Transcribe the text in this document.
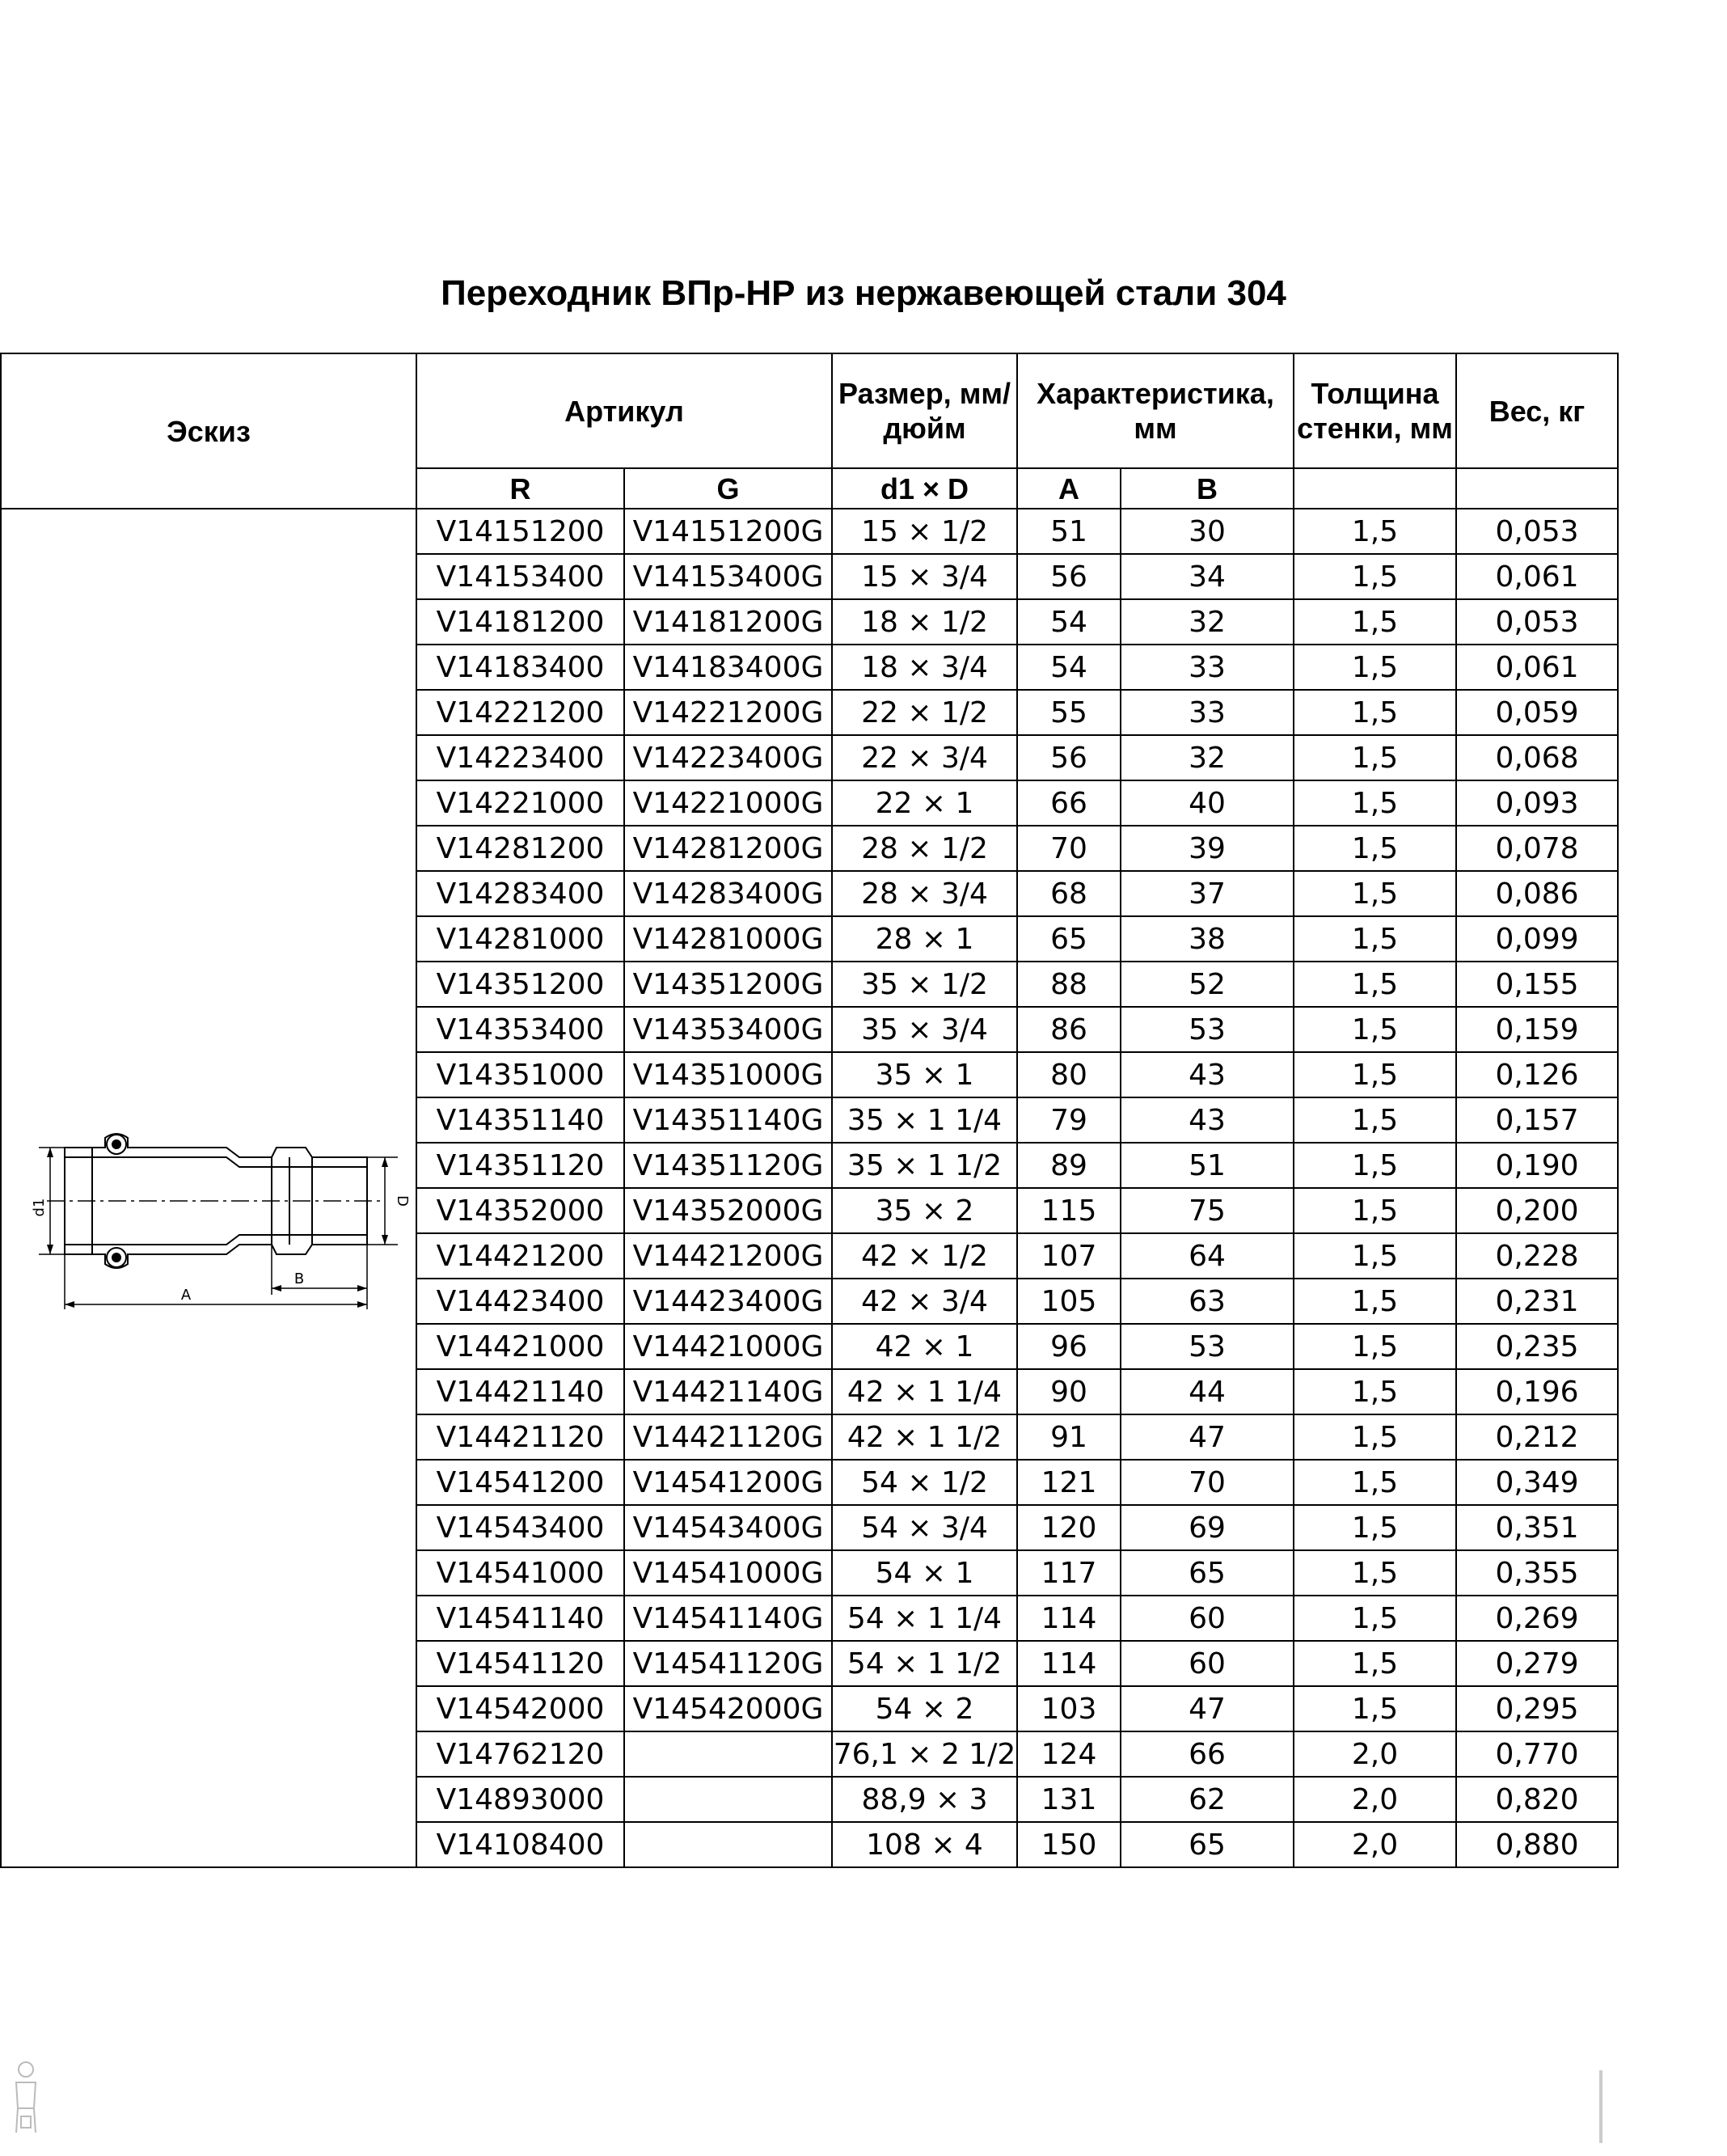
Переходник ВПр-НР из нержавеющей стали 304
Эскиз	Артикул		Размер, мм/дюйм	Характеристика, мм		Толщина стенки, мм	Вес, кг
	R	G	d1 × D	A	B		

d1 D
B
A	V14151200	V14151200G	15 × 1/2	51	30	1,5	0,053
	V14153400	V14153400G	15 × 3/4	56	34	1,5	0,061
	V14181200	V14181200G	18 × 1/2	54	32	1,5	0,053
	V14183400	V14183400G	18 × 3/4	54	33	1,5	0,061
	V14221200	V14221200G	22 × 1/2	55	33	1,5	0,059
	V14223400	V14223400G	22 × 3/4	56	32	1,5	0,068
	V14221000	V14221000G	22 × 1	66	40	1,5	0,093
	V14281200	V14281200G	28 × 1/2	70	39	1,5	0,078
	V14283400	V14283400G	28 × 3/4	68	37	1,5	0,086
	V14281000	V14281000G	28 × 1	65	38	1,5	0,099
	V14351200	V14351200G	35 × 1/2	88	52	1,5	0,155
	V14353400	V14353400G	35 × 3/4	86	53	1,5	0,159
	V14351000	V14351000G	35 × 1	80	43	1,5	0,126
	V14351140	V14351140G	35 × 1 1/4	79	43	1,5	0,157
	V14351120	V14351120G	35 × 1 1/2	89	51	1,5	0,190
	V14352000	V14352000G	35 × 2	115	75	1,5	0,200
	V14421200	V14421200G	42 × 1/2	107	64	1,5	0,228
	V14423400	V14423400G	42 × 3/4	105	63	1,5	0,231
	V14421000	V14421000G	42 × 1	96	53	1,5	0,235
	V14421140	V14421140G	42 × 1 1/4	90	44	1,5	0,196
	V14421120	V14421120G	42 × 1 1/2	91	47	1,5	0,212
	V14541200	V14541200G	54 × 1/2	121	70	1,5	0,349
	V14543400	V14543400G	54 × 3/4	120	69	1,5	0,351
	V14541000	V14541000G	54 × 1	117	65	1,5	0,355
	V14541140	V14541140G	54 × 1 1/4	114	60	1,5	0,269
	V14541120	V14541120G	54 × 1 1/2	114	60	1,5	0,279
	V14542000	V14542000G	54 × 2	103	47	1,5	0,295
	V14762120		76,1 × 2 1/2	124	66	2,0	0,770
	V14893000		88,9 × 3	131	62	2,0	0,820
	V14108400		108 × 4	150	65	2,0	0,880
